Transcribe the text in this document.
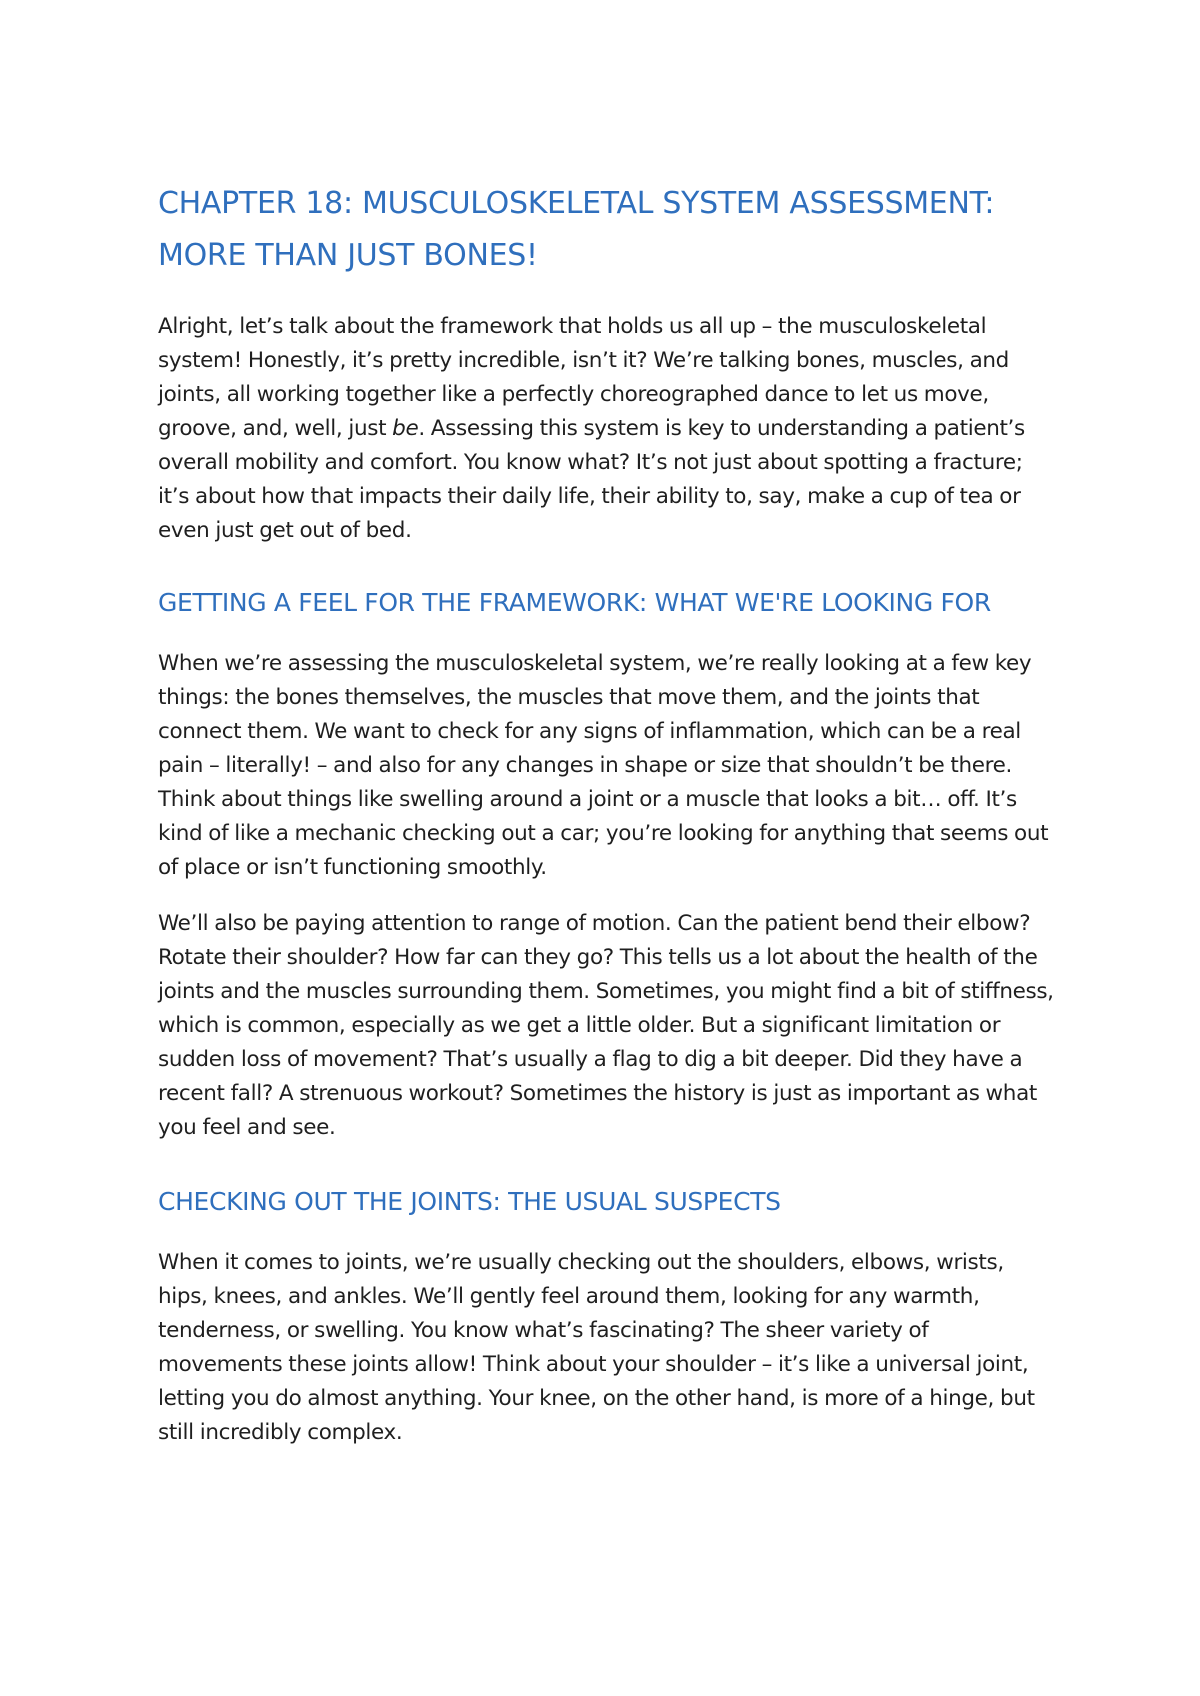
CHAPTER 18: MUSCULOSKELETAL SYSTEM ASSESSMENT: MORE THAN JUST BONES!

Alright, let’s talk about the framework that holds us all up – the musculoskeletal system! Honestly, it’s pretty incredible, isn’t it? We’re talking bones, muscles, and joints, all working together like a perfectly choreographed dance to let us move, groove, and, well, just be. Assessing this system is key to understanding a patient’s overall mobility and comfort. You know what? It’s not just about spotting a fracture; it’s about how that impacts their daily life, their ability to, say, make a cup of tea or even just get out of bed.

GETTING A FEEL FOR THE FRAMEWORK: WHAT WE'RE LOOKING FOR

When we’re assessing the musculoskeletal system, we’re really looking at a few key things: the bones themselves, the muscles that move them, and the joints that connect them. We want to check for any signs of inflammation, which can be a real pain – literally! – and also for any changes in shape or size that shouldn’t be there. Think about things like swelling around a joint or a muscle that looks a bit… off. It’s kind of like a mechanic checking out a car; you’re looking for anything that seems out of place or isn’t functioning smoothly.

We’ll also be paying attention to range of motion. Can the patient bend their elbow? Rotate their shoulder? How far can they go? This tells us a lot about the health of the joints and the muscles surrounding them. Sometimes, you might find a bit of stiffness, which is common, especially as we get a little older. But a significant limitation or sudden loss of movement? That’s usually a flag to dig a bit deeper. Did they have a recent fall? A strenuous workout? Sometimes the history is just as important as what you feel and see.

CHECKING OUT THE JOINTS: THE USUAL SUSPECTS

When it comes to joints, we’re usually checking out the shoulders, elbows, wrists, hips, knees, and ankles. We’ll gently feel around them, looking for any warmth, tenderness, or swelling. You know what’s fascinating? The sheer variety of movements these joints allow! Think about your shoulder – it’s like a universal joint, letting you do almost anything. Your knee, on the other hand, is more of a hinge, but still incredibly complex.
